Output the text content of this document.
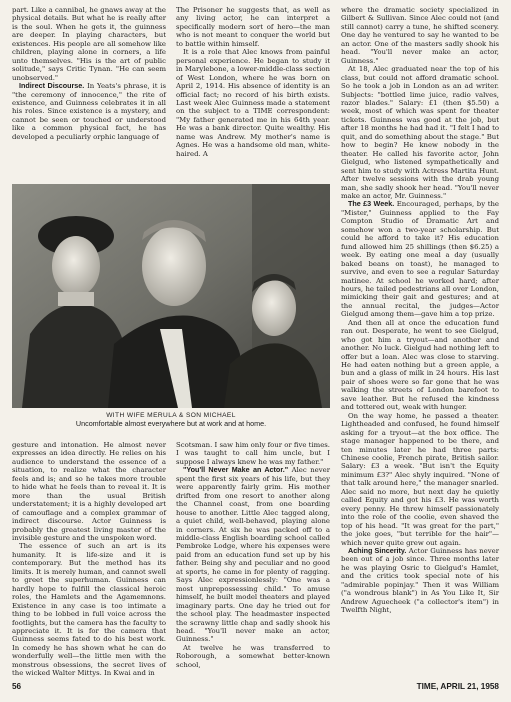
part. Like a cannibal, he gnaws away at the physical details. But what he is really after is the soul. When he gets it, the guinness are deeper. In playing characters, but existences. His people are all somehow like children, playing alone in corners, a life unto themselves. "His is the art of public solitude," says Critic Tynan. "He can seem unobserved."

Indirect Discourse. In Yeats's phrase, it is "the ceremony of innocence," the rite of existence, and Guinness celebrates it in all his roles. Since existence is a mystery, and cannot be seen or touched or understood like a common physical fact, he has developed a peculiarly orphic language of

The Prisoner he suggests that, as well as any living actor, he can interpret a specifically modern sort of hero—the man who is not meant to conquer the world but to battle within himself.

It is a role that Alec knows from painful personal experience. He began to study it in Marylebone, a lower-middle-class section of West London, where he was born on April 2, 1914. His absence of identity is an official fact; no record of his birth exists. Last week Alec Guinness made a statement on the subject to a TIME correspondent: "My father generated me in his 64th year. He was a bank director. Quite wealthy. His name was Andrew. My mother's name is Agnes. He was a handsome old man, white-haired. A

WITH WIFE MERULA & SON MICHAEL
Uncomfortable almost everywhere but at work and at home.

gesture and intonation. He almost never expresses an idea directly. He relies on his audience to understand the essence of a situation, to realize what the character feels and is; and so he takes more trouble to hide what he feels than to reveal it. It is more than the usual British understatement; it is a highly developed art of camouflage and a complex grammar of indirect discourse. Actor Guinness is probably the greatest living master of the invisible gesture and the unspoken word.

The essence of such an art is its humanity. It is life-size and it is contemporary. But the method has its limits. It is merely human, and cannot swell to greet the superhuman. Guinness can hardly hope to fulfill the classical heroic roles, the Hamlets and the Agamemnons. Existence in any case is too intimate a thing to be lobbed in full voice across the footlights, but the camera has the faculty to appreciate it. It is for the camera that Guinness seems fated to do his best work. In comedy he has shown what he can do wonderfully well—the little men with the monstrous obsessions, the secret lives of the wicked Walter Mittys. In Kwai and in

Scotsman. I saw him only four or five times. I was taught to call him uncle, but I suppose I always knew he was my father."

"You'll Never Make an Actor." Alec never spent the first six years of his life, but they were apparently fairly grim. His mother drifted from one resort to another along the Channel coast, from one boarding house to another. Little Alec tagged along, a quiet child, well-behaved, playing alone in corners. At six he was packed off to a middle-class English boarding school called Pembroke Lodge, where his expenses were paid from an education fund set up by his father. Being shy and peculiar and no good at sports, he came in for plenty of ragging. Says Alec expressionlessly: "One was a most unprepossessing child." To amuse himself, he built model theaters and played imaginary parts. One day he tried out for the school play. The headmaster inspected the scrawny little chap and sadly shook his head. "You'll never make an actor, Guinness."

At twelve he was transferred to Roborough, a somewhat better-known school,

where the dramatic society specialized in Gilbert & Sullivan. Since Alec could not (and still cannot) carry a tune, he shifted scenery. One day he ventured to say he wanted to be an actor. One of the masters sadly shook his head. "You'll never make an actor, Guinness."

At 18, Alec graduated near the top of his class, but could not afford dramatic school. So he took a job in London as an ad writer. Subjects: "bottled lime juice, radio valves, razor blades." Salary: £1 (then $5.50) a week, most of which was spent for theater tickets. Guinness was good at the job, but after 18 months he had had it. "I felt I had to quit, and do something about the stage." But how to begin? He knew nobody in the theater. He called his favorite actor, John Gielgud, who listened sympathetically and sent him to study with Actress Martita Hunt. After twelve sessions with the drab young man, she sadly shook her head. "You'll never make an actor, Mr. Guinness."

The £3 Week. Encouraged, perhaps, by the "Mister," Guinness applied to the Fay Compton Studio of Dramatic Art and somehow won a two-year scholarship. But could he afford to take it? His education fund allowed him 25 shillings (then $6.25) a week. By eating one meal a day (usually baked beans on toast), he managed to survive, and even to see a regular Saturday matinee. At school he worked hard; after hours, he tailed pedestrians all over London, mimicking their gait and gestures; and at the annual recital, the judges—Actor Gielgud among them—gave him a top prize.

And then all at once the education fund ran out. Desperate, he went to see Gielgud, who got him a tryout—and another and another. No luck. Gielgud had nothing left to offer but a loan. Alec was close to starving. He had eaten nothing but a green apple, a bun and a glass of milk in 24 hours. His last pair of shoes were so far gone that he was walking the streets of London barefoot to save leather. But he refused the kindness and tottered out, weak with hunger.

On the way home, he passed a theater. Lightheaded and confused, he found himself asking for a tryout—at the box office. The stage manager happened to be there, and ten minutes later he had three parts: Chinese coolie, French pirate, British sailor. Salary: £3 a week. "But isn't the Equity minimum £3?" Alec shyly inquired. "None of that talk around here," the manager snarled. Alec said no more, but next day he quietly called Equity and got his £3. He was worth every penny. He threw himself passionately into the role of the coolie, even shaved the top of his head. "It was great for the part," the joke goes, "but terrible for the hair"—which never quite grew out again.

Aching Sincerity. Actor Guinness has never been out of a job since. Three months later he was playing Osric to Gielgud's Hamlet, and the critics took special note of his "admirable popinjay." Then it was William ("a wondrous blank") in As You Like It, Sir Andrew Aguecheek ("a collector's item") in Twelfth Night,

56	TIME, APRIL 21, 1958
